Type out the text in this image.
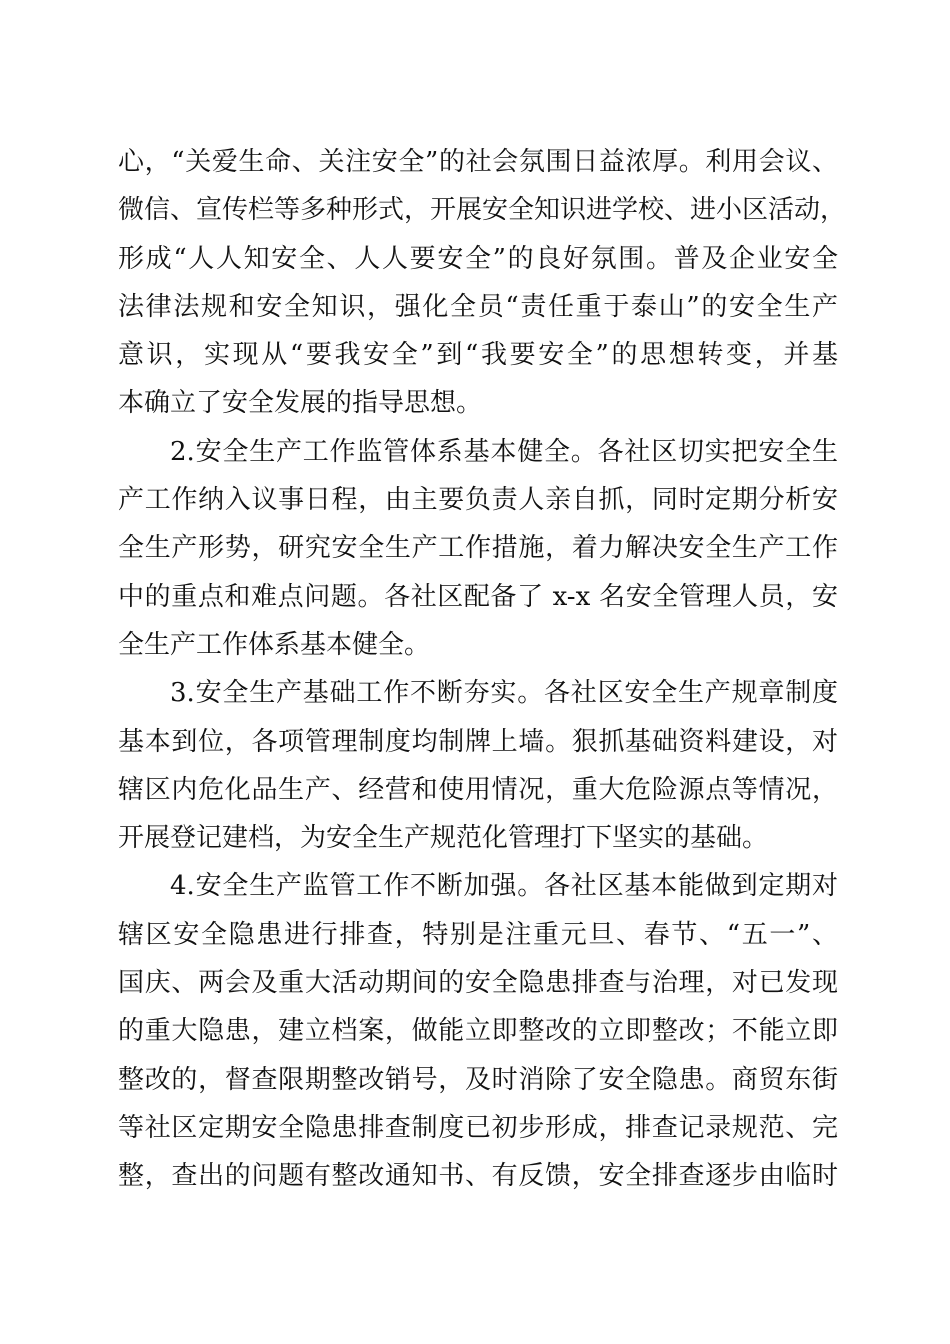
心，“关爱生命、关注安全”的社会氛围日益浓厚。利用会议、
微信、宣传栏等多种形式，开展安全知识进学校、进小区活动，
形成“人人知安全、人人要安全”的良好氛围。普及企业安全
法律法规和安全知识，强化全员“责任重于泰山”的安全生产
意识，实现从“要我安全”到“我要安全”的思想转变，并基
本确立了安全发展的指导思想。
2.安全生产工作监管体系基本健全。各社区切实把安全生
产工作纳入议事日程，由主要负责人亲自抓，同时定期分析安
全生产形势，研究安全生产工作措施，着力解决安全生产工作
中的重点和难点问题。各社区配备了 x-x 名安全管理人员，安
全生产工作体系基本健全。
3.安全生产基础工作不断夯实。各社区安全生产规章制度
基本到位，各项管理制度均制牌上墙。狠抓基础资料建设，对
辖区内危化品生产、经营和使用情况，重大危险源点等情况，
开展登记建档，为安全生产规范化管理打下坚实的基础。
4.安全生产监管工作不断加强。各社区基本能做到定期对
辖区安全隐患进行排查，特别是注重元旦、春节、“五一”、
国庆、两会及重大活动期间的安全隐患排查与治理，对已发现
的重大隐患，建立档案，做能立即整改的立即整改；不能立即
整改的，督查限期整改销号，及时消除了安全隐患。商贸东街
等社区定期安全隐患排查制度已初步形成，排查记录规范、完
整，查出的问题有整改通知书、有反馈，安全排查逐步由临时
